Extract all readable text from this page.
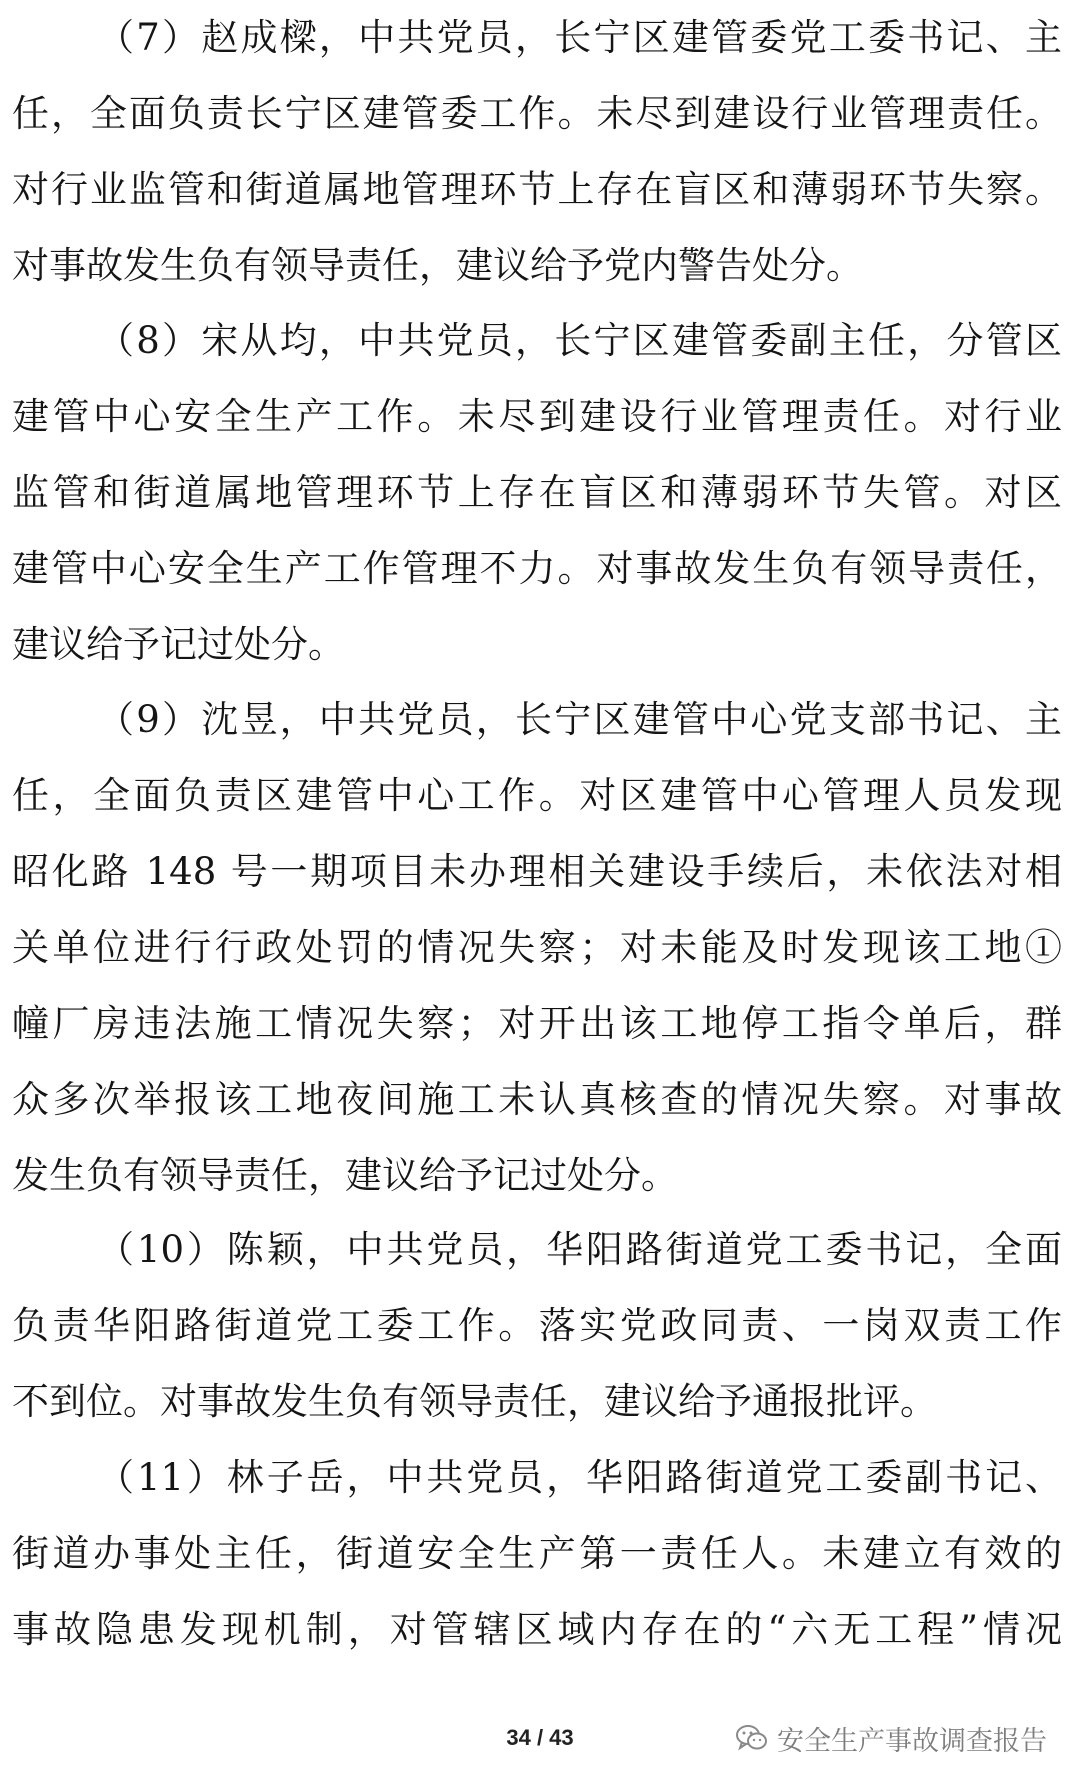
（7）赵成樑，中共党员，长宁区建管委党工委书记、主
任，全面负责长宁区建管委工作。未尽到建设行业管理责任。
对行业监管和街道属地管理环节上存在盲区和薄弱环节失察。
对事故发生负有领导责任，建议给予党内警告处分。
（8）宋从均，中共党员，长宁区建管委副主任，分管区
建管中心安全生产工作。未尽到建设行业管理责任。对行业
监管和街道属地管理环节上存在盲区和薄弱环节失管。对区
建管中心安全生产工作管理不力。对事故发生负有领导责任，
建议给予记过处分。
（9）沈昱，中共党员，长宁区建管中心党支部书记、主
任，全面负责区建管中心工作。对区建管中心管理人员发现
昭化路 148 号一期项目未办理相关建设手续后，未依法对相
关单位进行行政处罚的情况失察；对未能及时发现该工地①
幢厂房违法施工情况失察；对开出该工地停工指令单后，群
众多次举报该工地夜间施工未认真核查的情况失察。对事故
发生负有领导责任，建议给予记过处分。
（10）陈颖，中共党员，华阳路街道党工委书记，全面
负责华阳路街道党工委工作。落实党政同责、一岗双责工作
不到位。对事故发生负有领导责任，建议给予通报批评。
（11）林子岳，中共党员，华阳路街道党工委副书记、
街道办事处主任，街道安全生产第一责任人。未建立有效的
事故隐患发现机制，对管辖区域内存在的“六无工程”情况
34 / 43	安全生产事故调查报告
